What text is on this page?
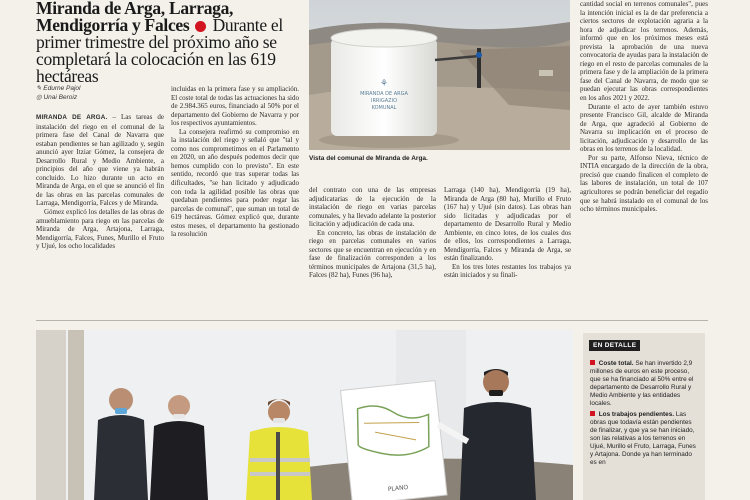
Miranda de Arga, Larraga, Mendigorría y Falces Durante el primer trimestre del próximo año se completará la colocación en las 619 hectáreas
✎ Edurne Pajol
◎ Unai Beroiz

MIRANDA DE ARGA. – Las tareas de instalación del riego en el comunal de la primera fase del Canal de Navarra que estaban pendientes se han agilizado y, según anunció ayer Itziar Gómez, la consejera de Desarrollo Rural y Medio Ambiente, a principios del año que viene ya habrán concluido. Lo hizo durante un acto en Miranda de Arga, en el que se anunció el fin de las obras en las parcelas comunales de Larraga, Mendigorría, Falces y de Miranda.

Gómez explicó los detalles de las obras de amueblamiento para riego en las parcelas de Miranda de Arga, Artajona, Larraga, Mendigorría, Falces, Funes, Murillo el Fruto y Ujué, los ocho localidades

incluidas en la primera fase y su ampliación. El coste total de todas las actuaciones ha sido de 2.984.365 euros, financiado al 50% por el departamento del Gobierno de Navarra y por los respectivos ayuntamientos.

La consejera reafirmó su compromiso en la instalación del riego y señaló que "tal y como nos comprometimos en el Parlamento en 2020, un año después podemos decir que hemos cumplido con lo previsto". En este sentido, recordó que tras superar todas las dificultades, "se han licitado y adjudicado con toda la agilidad posible las obras que quedaban pendientes para poder regar las parcelas de comunal", que suman un total de 619 hectáreas. Gómez explicó que, durante estos meses, el departamento ha gestionado la resolución

⚘
MIRANDA DE ARGA
IRRIGAZIO
KOMUNAL
Vista del comunal de Miranda de Arga.

del contrato con una de las empresas adjudicatarias de la ejecución de la instalación de riego en varias parcelas comunales, y ha llevado adelante la posterior licitación y adjudicación de cada una.

En concreto, las obras de instalación de riego en parcelas comunales en varios sectores que se encuentran en ejecución y en fase de finalización corresponden a los términos municipales de Artajona (31,5 ha), Falces (82 ha), Funes (96 ha),

Larraga (140 ha), Mendigorría (19 ha), Miranda de Arga (80 ha), Murillo el Fruto (167 ha) y Ujué (sin datos). Las obras han sido licitadas y adjudicadas por el departamento de Desarrollo Rural y Medio Ambiente, en cinco lotes, de los cuales dos de ellos, los correspondientes a Larraga, Mendigorría, Falces y Miranda de Arga, se están finalizando.

En los tres lotes restantes los trabajos ya están iniciados y su finali-

cantidad social en terrenos comunales", pues la intención inicial es la de dar preferencia a ciertos sectores de explotación agraria a la hora de adjudicar los terrenos. Además, informó que en los próximos meses está prevista la aprobación de una nueva convocatoria de ayudas para la instalación de riego en el resto de parcelas comunales de la primera fase y de la ampliación de la primera fase del Canal de Navarra, de modo que se puedan ejecutar las obras correspondientes en los años 2021 y 2022.

Durante el acto de ayer también estuvo presente Francisco Gil, alcalde de Miranda de Arga, que agradeció al Gobierno de Navarra su implicación en el proceso de licitación, adjudicación y desarrollo de las obras en los terrenos de la localidad.

Por su parte, Alfonso Nieva, técnico de INTIA encargado de la dirección de la obra, precisó que cuando finalicen el completo de las labores de instalación, un total de 107 agricultores se podrán beneficiar del regadío que se habrá instalado en el comunal de los ocho términos municipales.

PLANO
EN DETALLE

Coste total. Se han invertido 2,9 millones de euros en este proceso, que se ha financiado al 50% entre el departamento de Desarrollo Rural y Medio Ambiente y las entidades locales.

Los trabajos pendientes. Las obras que todavía están pendientes de finalizar, y que ya se han iniciado, son las relativas a los terrenos en Ujué, Murillo el Fruto, Larraga, Funes y Artajona. Donde ya han terminado es en
